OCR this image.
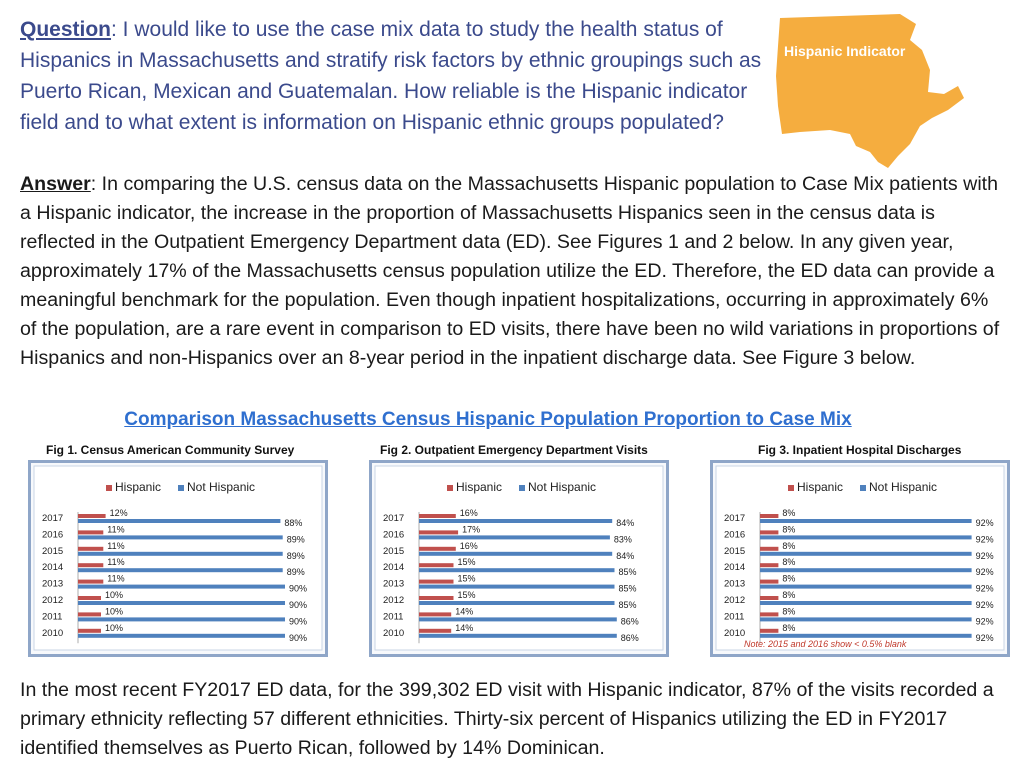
Question: I would like to use the case mix data to study the health status of Hispanics in Massachusetts and stratify risk factors by ethnic groupings such as Puerto Rican, Mexican and Guatemalan. How reliable is the Hispanic indicator field and to what extent is information on Hispanic ethnic groups populated?
Hispanic Indicator
Answer: In comparing the U.S. census data on the Massachusetts Hispanic population to Case Mix patients with a Hispanic indicator, the increase in the proportion of Massachusetts Hispanics seen in the census data is reflected in the Outpatient Emergency Department data (ED). See Figures 1 and 2 below. In any given year, approximately 17% of the Massachusetts census population utilize the ED. Therefore, the ED data can provide a meaningful benchmark for the population. Even though inpatient hospitalizations, occurring in approximately 6% of the population, are a rare event in comparison to ED visits, there have been no wild variations in proportions of Hispanics and non-Hispanics over an 8-year period in the inpatient discharge data. See Figure 3 below.
Comparison Massachusetts Census Hispanic Population Proportion to Case Mix
Fig 1. Census American Community Survey	Fig 2. Outpatient Emergency Department Visits	Fig 3. Inpatient Hospital Discharges
Hispanic Not Hispanic
2017	12%
88%
2016	11%
89%
2015	11%
89%
2014	11%
89%
2013	11%
90%
2012	10%
90%
2011	10%
90%
2010	10%
90%
Hispanic Not Hispanic
2017	16%
84%
2016	17%
83%
2015	16%
84%
2014	15%
85%
2013	15%
85%
2012	15%
85%
2011	14%
86%
2010	14%
86%
Hispanic Not Hispanic
2017	8%
92%
2016	8%
92%
2015	8%
92%
2014	8%
92%
2013	8%
92%
2012	8%
92%
2011	8%
92%
2010	8%
92%
Note: 2015 and 2016 show < 0.5% blank
In the most recent FY2017 ED data, for the 399,302 ED visit with Hispanic indicator, 87% of the visits recorded a primary ethnicity reflecting 57 different ethnicities. Thirty-six percent of Hispanics utilizing the ED in FY2017 identified themselves as Puerto Rican, followed by 14% Dominican.
